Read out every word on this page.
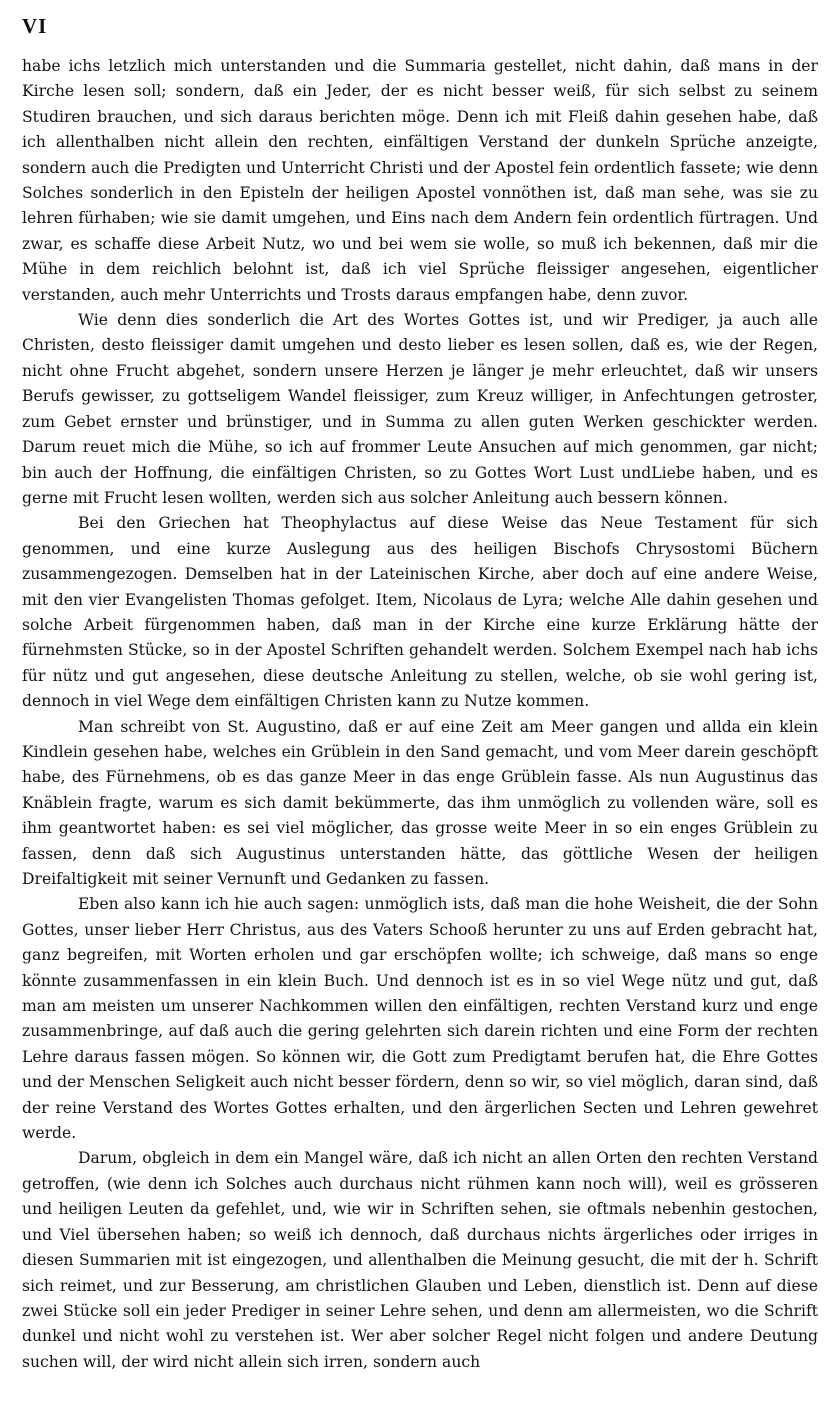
VI

habe ichs letzlich mich unterstanden und die Summaria gestellet, nicht dahin, daß mans in der Kirche lesen soll; sondern, daß ein Jeder, der es nicht besser weiß, für sich selbst zu seinem Studiren brauchen, und sich daraus berichten möge. Denn ich mit Fleiß dahin gesehen habe, daß ich allenthalben nicht allein den rechten, einfältigen Verstand der dunkeln Sprüche anzeigte, sondern auch die Predigten und Unterricht Christi und der Apostel fein ordentlich fassete; wie denn Solches sonderlich in den Episteln der heiligen Apostel vonnöthen ist, daß man sehe, was sie zu lehren fürhaben; wie sie damit umgehen, und Eins nach dem Andern fein ordentlich fürtragen. Und zwar, es schaffe diese Arbeit Nutz, wo und bei wem sie wolle, so muß ich bekennen, daß mir die Mühe in dem reichlich belohnt ist, daß ich viel Sprüche fleissiger angesehen, eigentlicher verstanden, auch mehr Unterrichts und Trosts daraus empfangen habe, denn zuvor.

Wie denn dies sonderlich die Art des Wortes Gottes ist, und wir Prediger, ja auch alle Christen, desto fleissiger damit umgehen und desto lieber es lesen sollen, daß es, wie der Regen, nicht ohne Frucht abgehet, sondern unsere Herzen je länger je mehr erleuchtet, daß wir unsers Berufs gewisser, zu gottseligem Wandel fleissiger, zum Kreuz williger, in Anfechtungen getroster, zum Gebet ernster und brünstiger, und in Summa zu allen guten Werken geschickter werden. Darum reuet mich die Mühe, so ich auf frommer Leute Ansuchen auf mich genommen, gar nicht; bin auch der Hoffnung, die einfältigen Christen, so zu Gottes Wort Lust undLiebe haben, und es gerne mit Frucht lesen wollten, werden sich aus solcher Anleitung auch bessern können.

Bei den Griechen hat Theophylactus auf diese Weise das Neue Testament für sich genommen, und eine kurze Auslegung aus des heiligen Bischofs Chrysostomi Büchern zusammengezogen. Demselben hat in der Lateinischen Kirche, aber doch auf eine andere Weise, mit den vier Evangelisten Thomas gefolget. Item, Nicolaus de Lyra; welche Alle dahin gesehen und solche Arbeit fürgenommen haben, daß man in der Kirche eine kurze Erklärung hätte der fürnehmsten Stücke, so in der Apostel Schriften gehandelt werden. Solchem Exempel nach hab ichs für nütz und gut angesehen, diese deutsche Anleitung zu stellen, welche, ob sie wohl gering ist, dennoch in viel Wege dem einfältigen Christen kann zu Nutze kommen.

Man schreibt von St. Augustino, daß er auf eine Zeit am Meer gangen und allda ein klein Kindlein gesehen habe, welches ein Grüblein in den Sand gemacht, und vom Meer darein geschöpft habe, des Fürnehmens, ob es das ganze Meer in das enge Grüblein fasse. Als nun Augustinus das Knäblein fragte, warum es sich damit bekümmerte, das ihm unmöglich zu vollenden wäre, soll es ihm geantwortet haben: es sei viel möglicher, das grosse weite Meer in so ein enges Grüblein zu fassen, denn daß sich Augustinus unterstanden hätte, das göttliche Wesen der heiligen Dreifaltigkeit mit seiner Vernunft und Gedanken zu fassen.

Eben also kann ich hie auch sagen: unmöglich ists, daß man die hohe Weisheit, die der Sohn Gottes, unser lieber Herr Christus, aus des Vaters Schooß herunter zu uns auf Erden gebracht hat, ganz begreifen, mit Worten erholen und gar erschöpfen wollte; ich schweige, daß mans so enge könnte zusammenfassen in ein klein Buch. Und dennoch ist es in so viel Wege nütz und gut, daß man am meisten um unserer Nachkommen willen den einfältigen, rechten Verstand kurz und enge zusammenbringe, auf daß auch die gering gelehrten sich darein richten und eine Form der rechten Lehre daraus fassen mögen. So können wir, die Gott zum Predigtamt berufen hat, die Ehre Gottes und der Menschen Seligkeit auch nicht besser fördern, denn so wir, so viel möglich, daran sind, daß der reine Verstand des Wortes Gottes erhalten, und den ärgerlichen Secten und Lehren gewehret werde.

Darum, obgleich in dem ein Mangel wäre, daß ich nicht an allen Orten den rechten Verstand getroffen, (wie denn ich Solches auch durchaus nicht rühmen kann noch will), weil es grösseren und heiligen Leuten da gefehlet, und, wie wir in Schriften sehen, sie oftmals nebenhin gestochen, und Viel übersehen haben; so weiß ich dennoch, daß durchaus nichts ärgerliches oder irriges in diesen Summarien mit ist eingezogen, und allenthalben die Meinung gesucht, die mit der h. Schrift sich reimet, und zur Besserung, am christlichen Glauben und Leben, dienstlich ist. Denn auf diese zwei Stücke soll ein jeder Prediger in seiner Lehre sehen, und denn am allermeisten, wo die Schrift dunkel und nicht wohl zu verstehen ist. Wer aber solcher Regel nicht folgen und andere Deutung suchen will, der wird nicht allein sich irren, sondern auch
